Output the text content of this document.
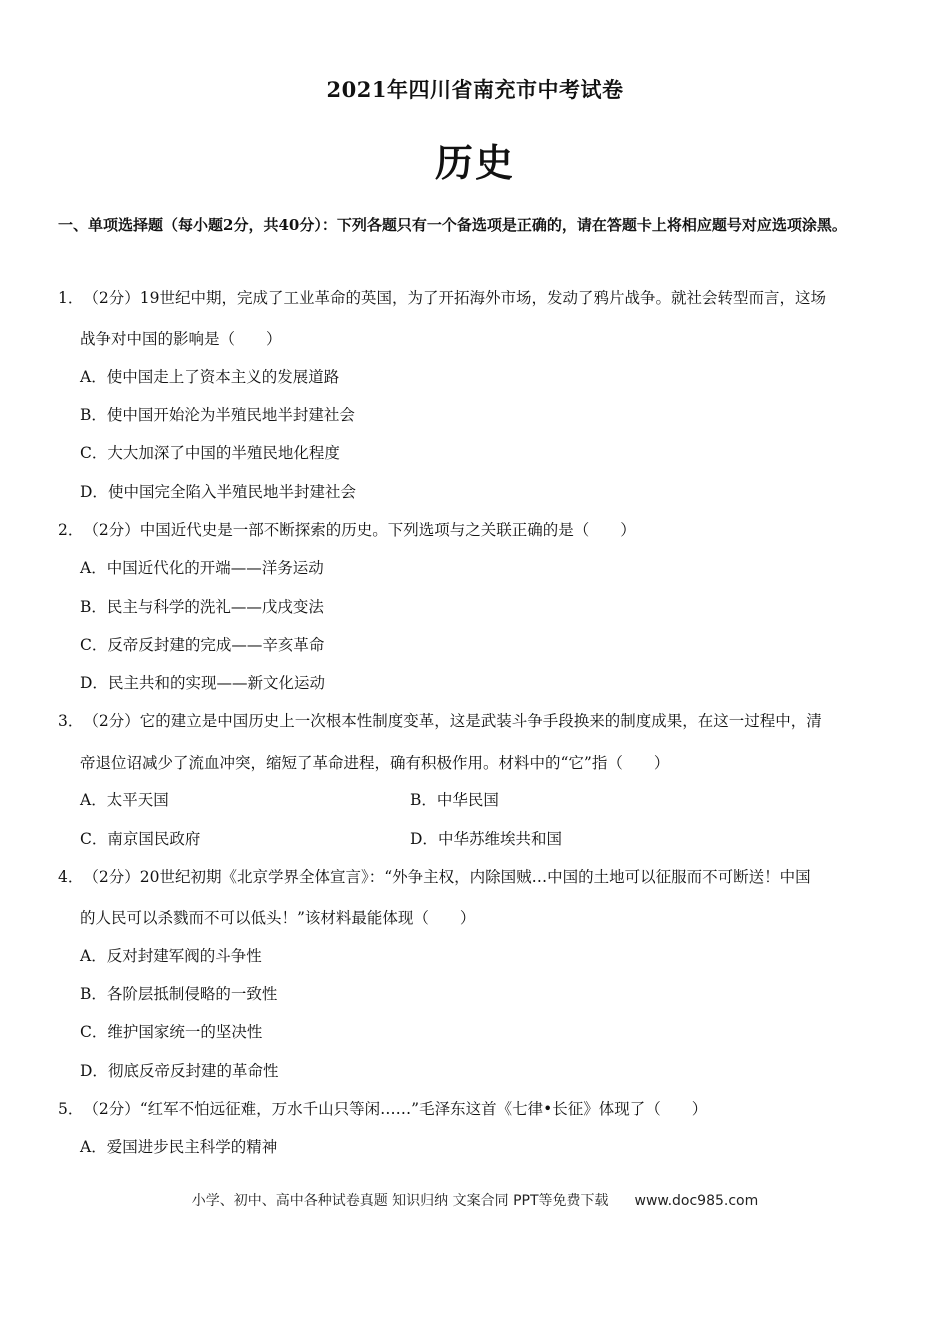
2021年四川省南充市中考试卷
历史
一、单项选择题（每小题2分，共40分）：下列各题只有一个备选项是正确的，请在答题卡上将相应题号对应选项涂黑。
1．（2分）19世纪中期，完成了工业革命的英国，为了开拓海外市场，发动了鸦片战争。就社会转型而言，这场
战争对中国的影响是（　　）
A．使中国走上了资本主义的发展道路
B．使中国开始沦为半殖民地半封建社会
C．大大加深了中国的半殖民地化程度
D．使中国完全陷入半殖民地半封建社会
2．（2分）中国近代史是一部不断探索的历史。下列选项与之关联正确的是（　　）
A．中国近代化的开端——洋务运动
B．民主与科学的洗礼——戊戌变法
C．反帝反封建的完成——辛亥革命
D．民主共和的实现——新文化运动
3．（2分）它的建立是中国历史上一次根本性制度变革，这是武装斗争手段换来的制度成果，在这一过程中，清
帝退位诏减少了流血冲突，缩短了革命进程，确有积极作用。材料中的“它”指（　　）
A．太平天国	B．中华民国
C．南京国民政府	D．中华苏维埃共和国
4．（2分）20世纪初期《北京学界全体宣言》：“外争主权，内除国贼…中国的土地可以征服而不可断送！中国
的人民可以杀戮而不可以低头！”该材料最能体现（　　）
A．反对封建军阀的斗争性
B．各阶层抵制侵略的一致性
C．维护国家统一的坚决性
D．彻底反帝反封建的革命性
5．（2分）“红军不怕远征难，万水千山只等闲……”毛泽东这首《七律•长征》体现了（　　）
A．爱国进步民主科学的精神
小学、初中、高中各种试卷真题 知识归纳 文案合同 PPT等免费下载 www.doc985.com
